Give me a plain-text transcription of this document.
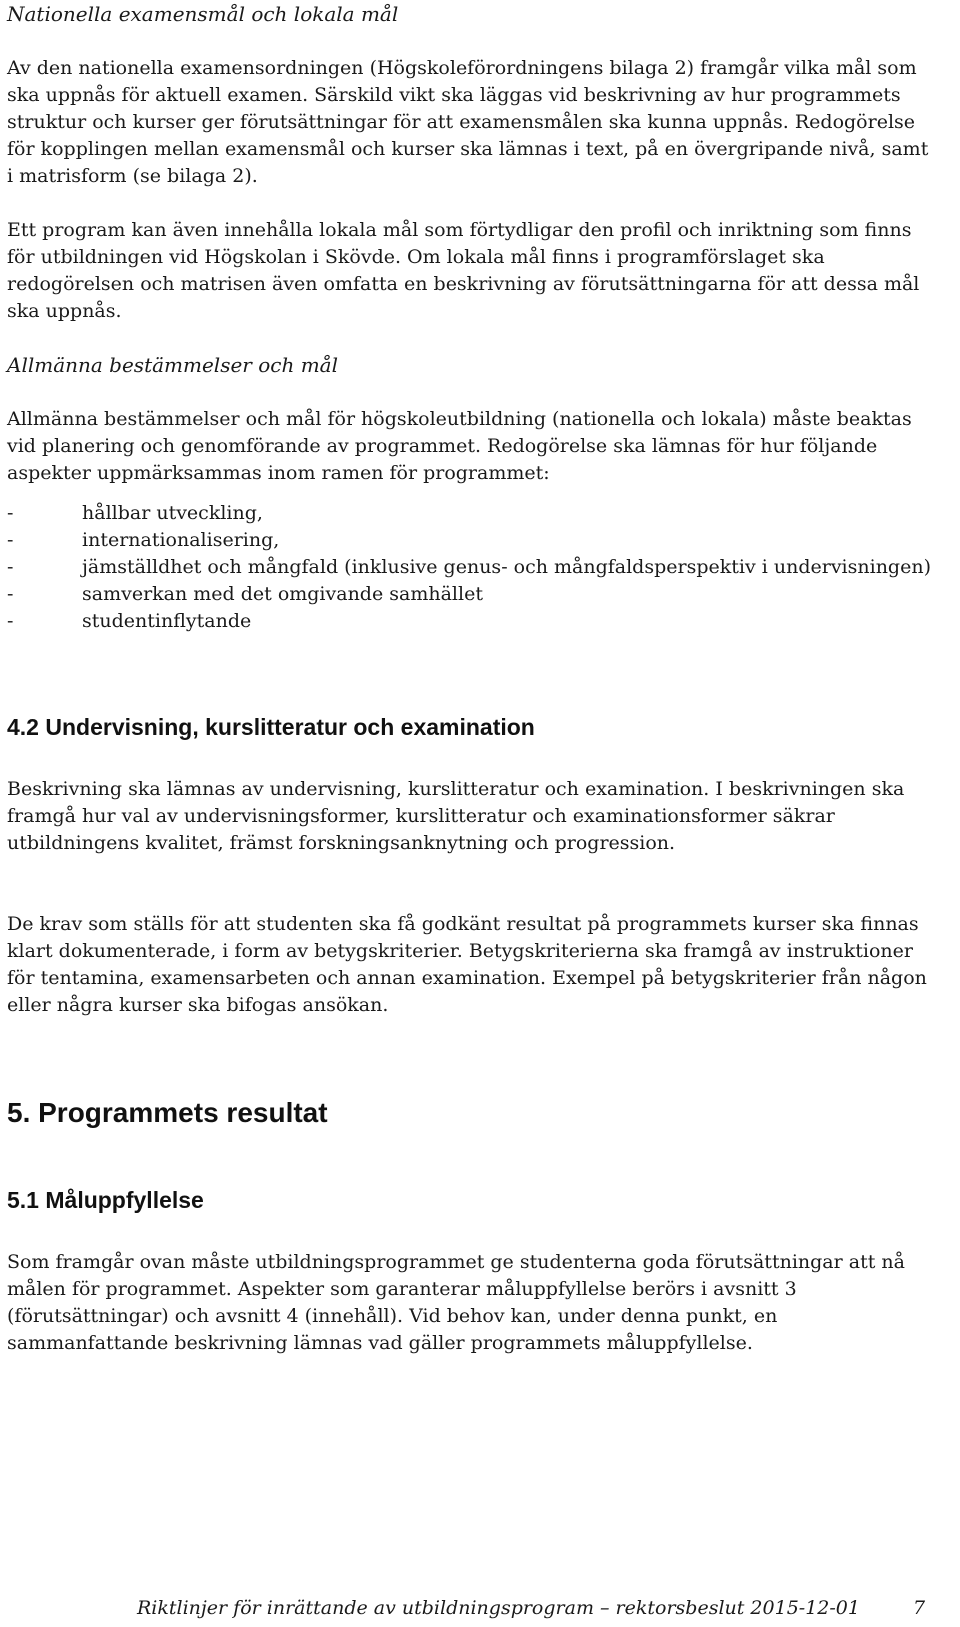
Nationella examensmål och lokala mål

Av den nationella examensordningen (Högskoleförordningens bilaga 2) framgår vilka mål som ska uppnås för aktuell examen. Särskild vikt ska läggas vid beskrivning av hur programmets struktur och kurser ger förutsättningar för att examensmålen ska kunna uppnås. Redogörelse för kopplingen mellan examensmål och kurser ska lämnas i text, på en övergripande nivå, samt i matrisform (se bilaga 2).

Ett program kan även innehålla lokala mål som förtydligar den profil och inriktning som finns för utbildningen vid Högskolan i Skövde. Om lokala mål finns i programförslaget ska redogörelsen och matrisen även omfatta en beskrivning av förutsättningarna för att dessa mål ska uppnås.

Allmänna bestämmelser och mål

Allmänna bestämmelser och mål för högskoleutbildning (nationella och lokala) måste beaktas vid planering och genomförande av programmet. Redogörelse ska lämnas för hur följande aspekter uppmärksammas inom ramen för programmet:

- hållbar utveckling,
- internationalisering,
- jämställdhet och mångfald (inklusive genus- och mångfaldsperspektiv i undervisningen)
- samverkan med det omgivande samhället
- studentinflytande
4.2 Undervisning, kurslitteratur och examination

Beskrivning ska lämnas av undervisning, kurslitteratur och examination. I beskrivningen ska framgå hur val av undervisningsformer, kurslitteratur och examinationsformer säkrar utbildningens kvalitet, främst forskningsanknytning och progression.

De krav som ställs för att studenten ska få godkänt resultat på programmets kurser ska finnas klart dokumenterade, i form av betygskriterier. Betygskriterierna ska framgå av instruktioner för tentamina, examensarbeten och annan examination. Exempel på betygskriterier från någon eller några kurser ska bifogas ansökan.

5. Programmets resultat
5.1 Måluppfyllelse

Som framgår ovan måste utbildningsprogrammet ge studenterna goda förutsättningar att nå målen för programmet. Aspekter som garanterar måluppfyllelse berörs i avsnitt 3 (förutsättningar) och avsnitt 4 (innehåll). Vid behov kan, under denna punkt, en sammanfattande beskrivning lämnas vad gäller programmets måluppfyllelse.

Riktlinjer för inrättande av utbildningsprogram – rektorsbeslut 2015-12-01	7
